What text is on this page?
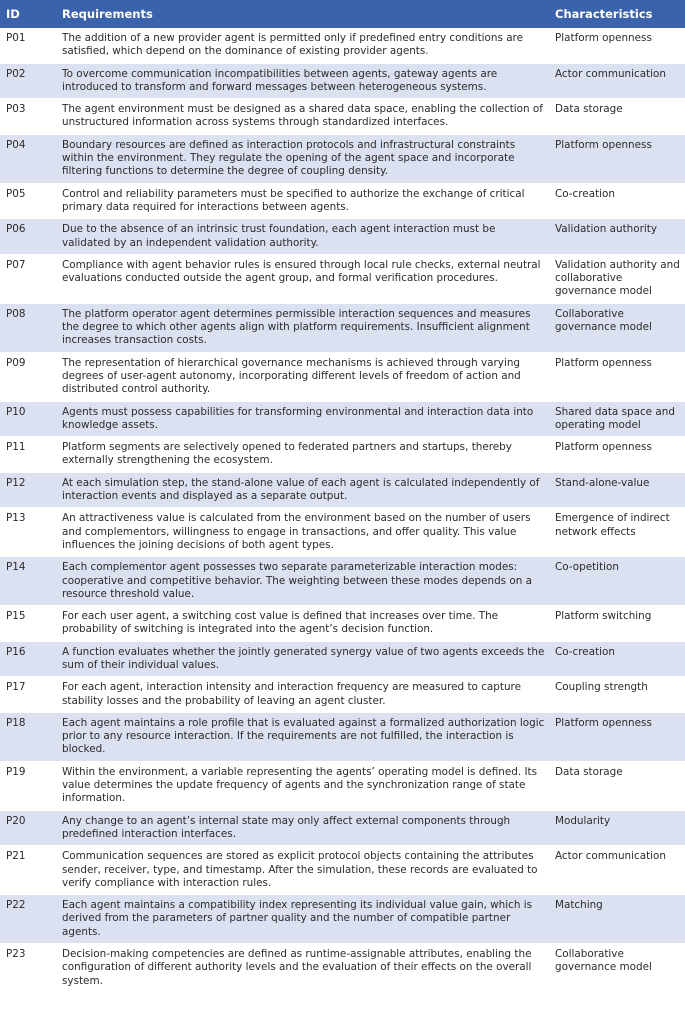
ID	Requirements	Characteristics
P01	The addition of a new provider agent is permitted only if predefined entry conditions are satisfied, which depend on the dominance of existing provider agents.	Platform openness
P02	To overcome communication incompatibilities between agents, gateway agents are introduced to transform and forward messages between heterogeneous systems.	Actor communication
P03	The agent environment must be designed as a shared data space, enabling the collection of unstructured information across systems through standardized interfaces.	Data storage
P04	Boundary resources are defined as interaction protocols and infrastructural constraints within the environment. They regulate the opening of the agent space and incorporate filtering functions to determine the degree of coupling density.	Platform openness
P05	Control and reliability parameters must be specified to authorize the exchange of critical primary data required for interactions between agents.	Co-creation
P06	Due to the absence of an intrinsic trust foundation, each agent interaction must be validated by an independent validation authority.	Validation authority
P07	Compliance with agent behavior rules is ensured through local rule checks, external neutral evaluations conducted outside the agent group, and formal verification procedures.	Validation authority and collaborative governance model
P08	The platform operator agent determines permissible interaction sequences and measures the degree to which other agents align with platform requirements. Insufficient alignment increases transaction costs.	Collaborative governance model
P09	The representation of hierarchical governance mechanisms is achieved through varying degrees of user-agent autonomy, incorporating different levels of freedom of action and distributed control authority.	Platform openness
P10	Agents must possess capabilities for transforming environmental and interaction data into knowledge assets.	Shared data space and operating model
P11	Platform segments are selectively opened to federated partners and startups, thereby externally strengthening the ecosystem.	Platform openness
P12	At each simulation step, the stand-alone value of each agent is calculated independently of interaction events and displayed as a separate output.	Stand-alone-value
P13	An attractiveness value is calculated from the environment based on the number of users and complementors, willingness to engage in transactions, and offer quality. This value influences the joining decisions of both agent types.	Emergence of indirect network effects
P14	Each complementor agent possesses two separate parameterizable interaction modes: cooperative and competitive behavior. The weighting between these modes depends on a resource threshold value.	Co-opetition
P15	For each user agent, a switching cost value is defined that increases over time. The probability of switching is integrated into the agent’s decision function.	Platform switching
P16	A function evaluates whether the jointly generated synergy value of two agents exceeds the sum of their individual values.	Co-creation
P17	For each agent, interaction intensity and interaction frequency are measured to capture stability losses and the probability of leaving an agent cluster.	Coupling strength
P18	Each agent maintains a role profile that is evaluated against a formalized authorization logic prior to any resource interaction. If the requirements are not fulfilled, the interaction is blocked.	Platform openness
P19	Within the environment, a variable representing the agents’ operating model is defined. Its value determines the update frequency of agents and the synchronization range of state information.	Data storage
P20	Any change to an agent’s internal state may only affect external components through predefined interaction interfaces.	Modularity
P21	Communication sequences are stored as explicit protocol objects containing the attributes sender, receiver, type, and timestamp. After the simulation, these records are evaluated to verify compliance with interaction rules.	Actor communication
P22	Each agent maintains a compatibility index representing its individual value gain, which is derived from the parameters of partner quality and the number of compatible partner agents.	Matching
P23	Decision-making competencies are defined as runtime-assignable attributes, enabling the configuration of different authority levels and the evaluation of their effects on the overall system.	Collaborative governance model
